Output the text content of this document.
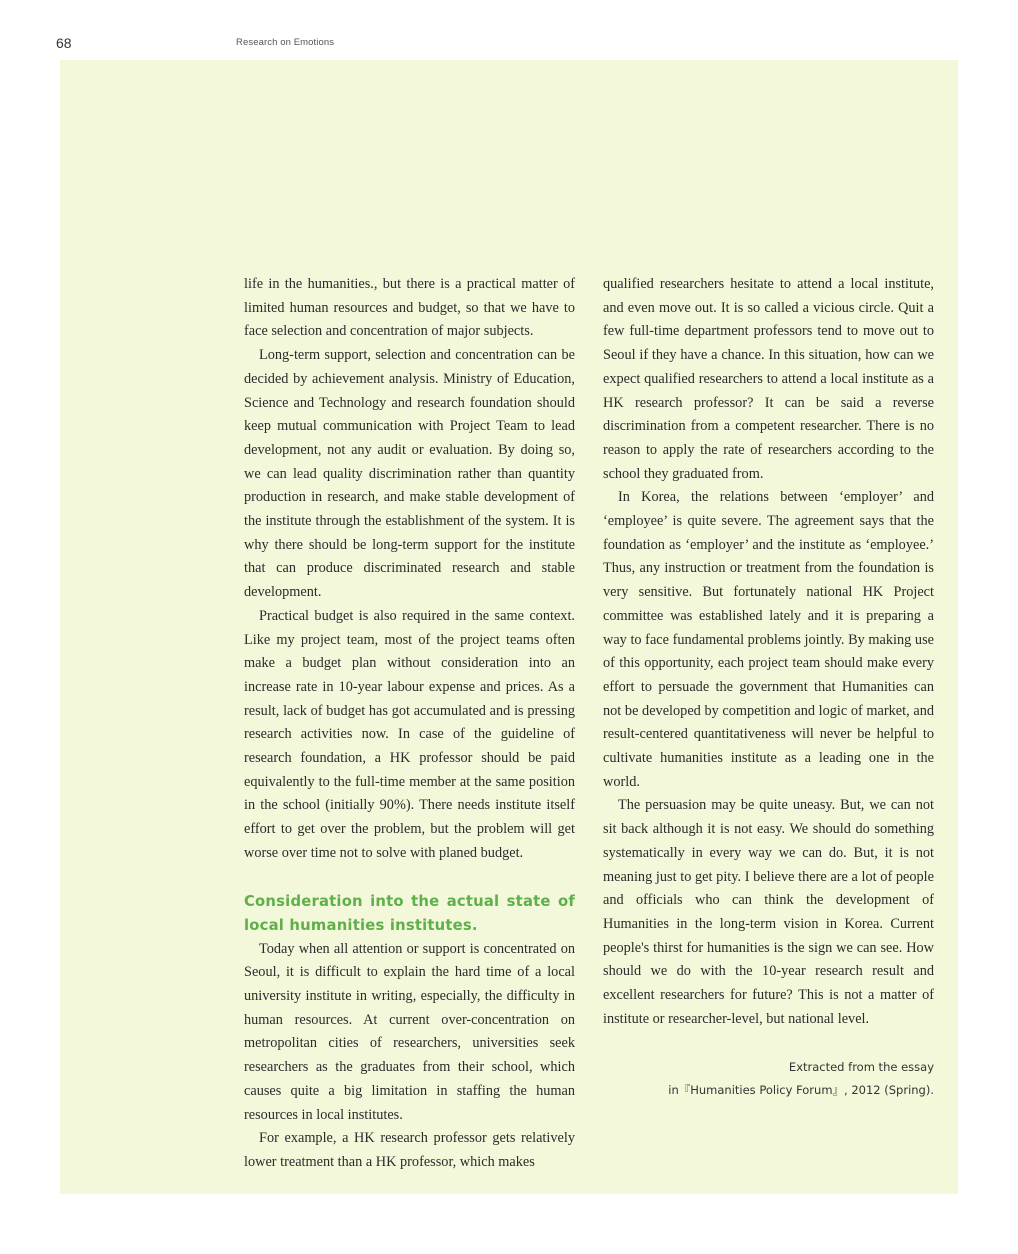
68	Research on Emotions

life in the humanities., but there is a practical matter of limited human resources and budget, so that we have to face selection and concentration of major subjects.

Long-term support, selection and concentration can be decided by achievement analysis. Ministry of Education, Science and Technology and research foundation should keep mutual communication with Project Team to lead development, not any audit or evaluation. By doing so, we can lead quality discrimination rather than quantity production in research, and make stable development of the institute through the establishment of the system. It is why there should be long-term support for the institute that can produce discriminated research and stable development.

Practical budget is also required in the same context. Like my project team, most of the project teams often make a budget plan without consideration into an increase rate in 10-year labour expense and prices. As a result, lack of budget has got accumulated and is pressing research activities now. In case of the guideline of research foundation, a HK professor should be paid equivalently to the full-time member at the same position in the school (initially 90%). There needs institute itself effort to get over the problem, but the problem will get worse over time not to solve with planed budget.

Consideration into the actual state of local humanities institutes.

Today when all attention or support is concentrated on Seoul, it is difficult to explain the hard time of a local university institute in writing, especially, the difficulty in human resources. At current over-concentration on metropolitan cities of researchers, universities seek researchers as the graduates from their school, which causes quite a big limitation in staffing the human resources in local institutes.

For example, a HK research professor gets relatively lower treatment than a HK professor, which makes

qualified researchers hesitate to attend a local institute, and even move out. It is so called a vicious circle. Quit a few full-time department professors tend to move out to Seoul if they have a chance. In this situation, how can we expect qualified researchers to attend a local institute as a HK research professor? It can be said a reverse discrimination from a competent researcher. There is no reason to apply the rate of researchers according to the school they graduated from.

In Korea, the relations between ‘employer’ and ‘employee’ is quite severe. The agreement says that the foundation as ‘employer’ and the institute as ‘employee.’ Thus, any instruction or treatment from the foundation is very sensitive. But fortunately national HK Project committee was established lately and it is preparing a way to face fundamental problems jointly. By making use of this opportunity, each project team should make every effort to persuade the government that Humanities can not be developed by competition and logic of market, and result-centered quantitativeness will never be helpful to cultivate humanities institute as a leading one in the world.

The persuasion may be quite uneasy. But, we can not sit back although it is not easy. We should do something systematically in every way we can do. But, it is not meaning just to get pity. I believe there are a lot of people and officials who can think the development of Humanities in the long-term vision in Korea. Current people's thirst for humanities is the sign we can see. How should we do with the 10-year research result and excellent researchers for future? This is not a matter of institute or researcher-level, but national level.

Extracted from the essay
in『Humanities Policy Forum』, 2012 (Spring).
